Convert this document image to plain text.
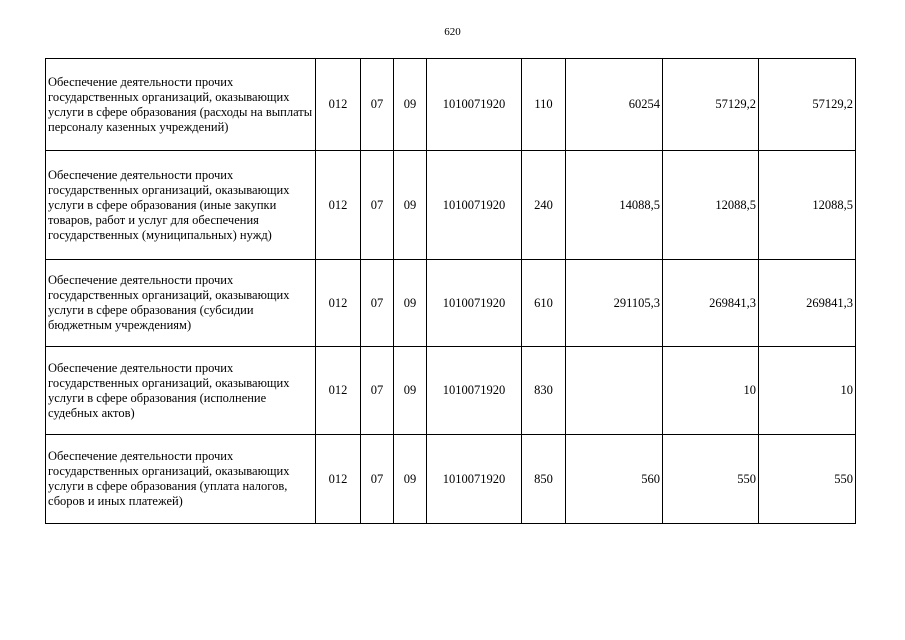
620
Обеспечение деятельности прочих государственных организаций, оказывающих услуги в сфере образования (расходы на выплаты персоналу казенных учреждений)	012	07	09	1010071920	110	60254	57129,2	57129,2
Обеспечение деятельности прочих государственных организаций, оказывающих услуги в сфере образования (иные закупки товаров, работ и услуг для обеспечения государственных (муниципальных) нужд)	012	07	09	1010071920	240	14088,5	12088,5	12088,5
Обеспечение деятельности прочих государственных организаций, оказывающих услуги в сфере образования (субсидии бюджетным учреждениям)	012	07	09	1010071920	610	291105,3	269841,3	269841,3
Обеспечение деятельности прочих государственных организаций, оказывающих услуги в сфере образования (исполнение судебных актов)	012	07	09	1010071920	830		10	10
Обеспечение деятельности прочих государственных организаций, оказывающих услуги в сфере образования (уплата налогов, сборов и иных платежей)	012	07	09	1010071920	850	560	550	550
